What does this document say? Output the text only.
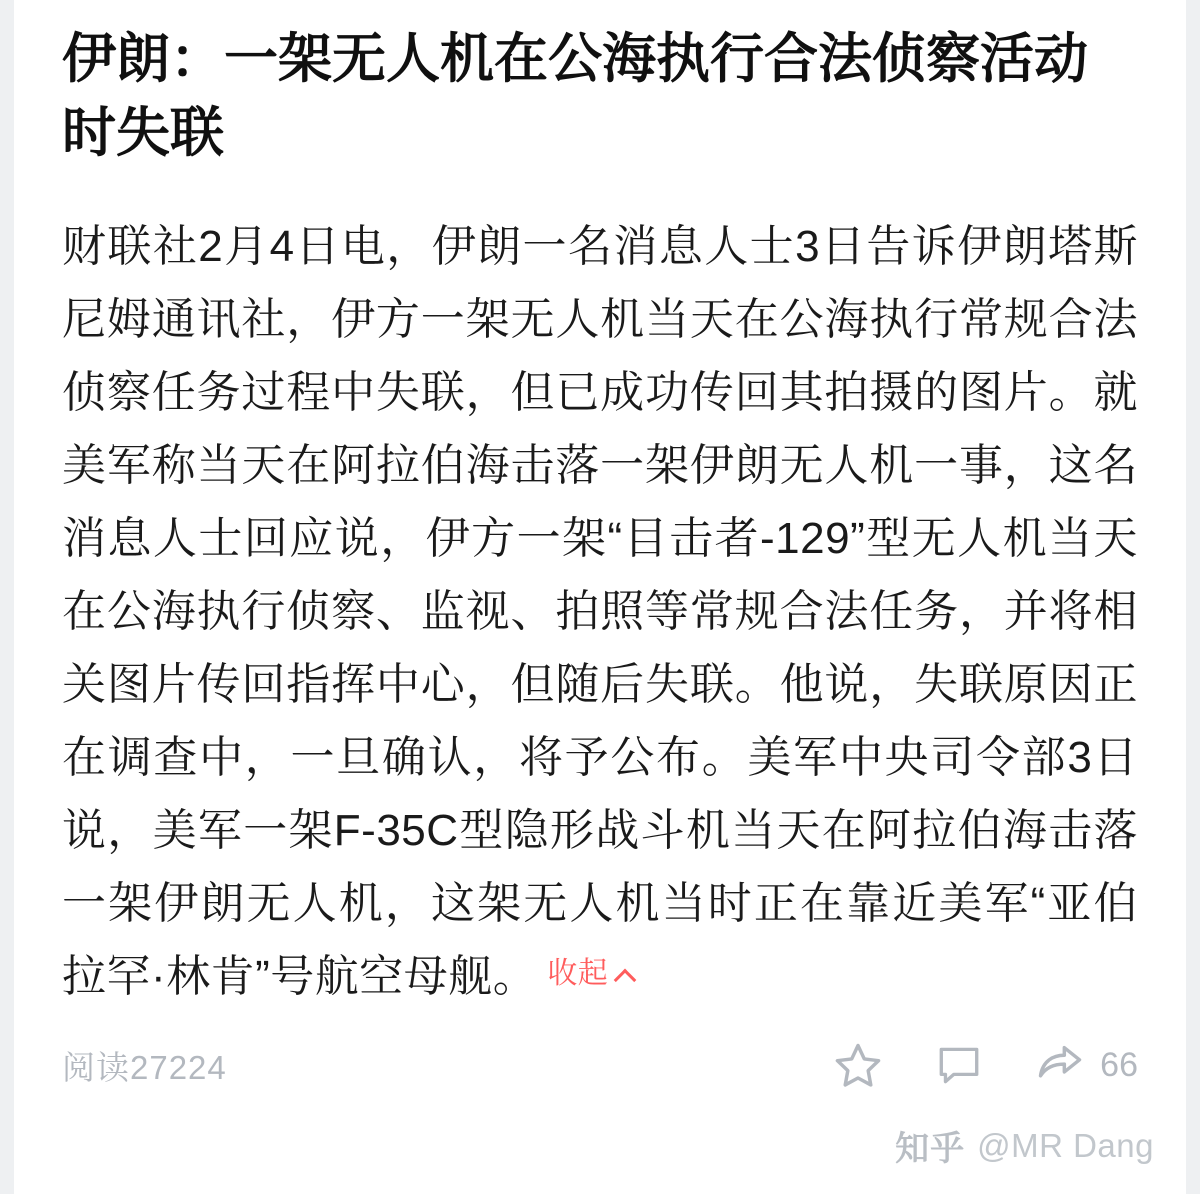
伊朗：一架无人机在公海执行合法侦察活动时失联
财联社2月4日电，伊朗一名消息人士3日告诉伊朗塔斯尼姆通讯社，伊方一架无人机当天在公海执行常规合法侦察任务过程中失联，但已成功传回其拍摄的图片。就美军称当天在阿拉伯海击落一架伊朗无人机一事，这名消息人士回应说，伊方一架“目击者-129”型无人机当天在公海执行侦察、监视、拍照等常规合法任务，并将相关图片传回指挥中心，但随后失联。他说，失联原因正在调查中，一旦确认，将予公布。美军中央司令部3日说，美军一架F-35C型隐形战斗机当天在阿拉伯海击落一架伊朗无人机，这架无人机当时正在靠近美军“亚伯拉罕·林肯”号航空母舰。 收起
阅读27224	66
知乎 @MR Dang
